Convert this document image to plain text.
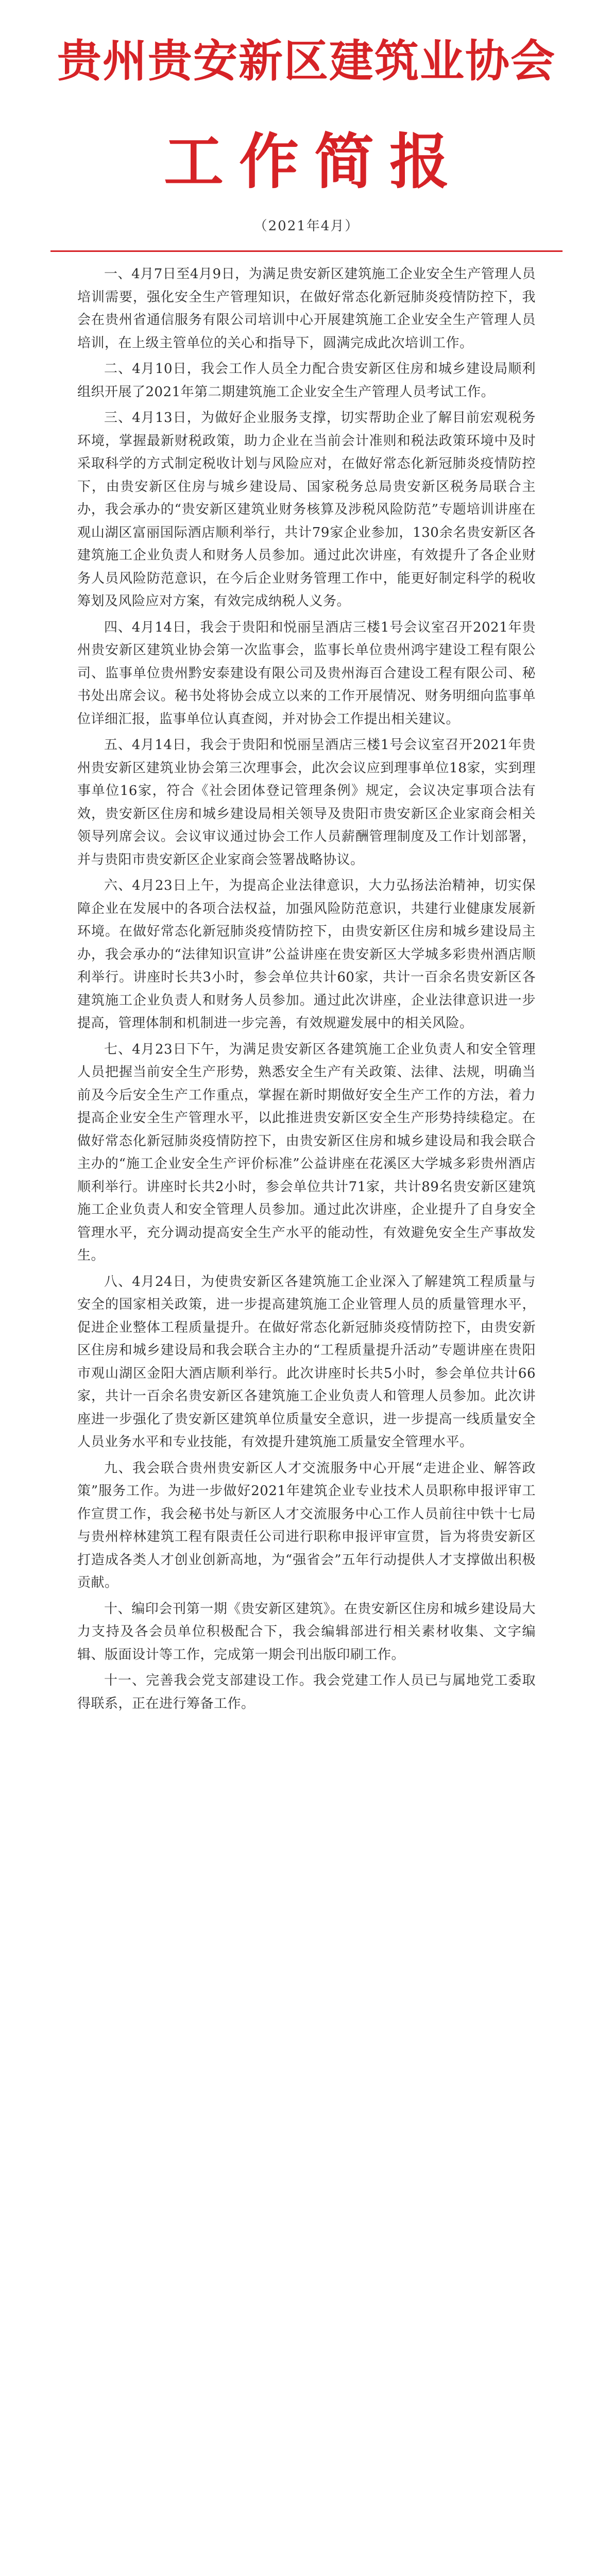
贵州贵安新区建筑业协会
工作简报
（2021年4月）

一、4月7日至4月9日，为满足贵安新区建筑施工企业安全生产管理人员培训需要，强化安全生产管理知识，在做好常态化新冠肺炎疫情防控下，我会在贵州省通信服务有限公司培训中心开展建筑施工企业安全生产管理人员培训，在上级主管单位的关心和指导下，圆满完成此次培训工作。

二、4月10日，我会工作人员全力配合贵安新区住房和城乡建设局顺利组织开展了2021年第二期建筑施工企业安全生产管理人员考试工作。

三、4月13日，为做好企业服务支撑，切实帮助企业了解目前宏观税务环境，掌握最新财税政策，助力企业在当前会计准则和税法政策环境中及时采取科学的方式制定税收计划与风险应对，在做好常态化新冠肺炎疫情防控下，由贵安新区住房与城乡建设局、国家税务总局贵安新区税务局联合主办，我会承办的“贵安新区建筑业财务核算及涉税风险防范”专题培训讲座在观山湖区富丽国际酒店顺利举行，共计79家企业参加，130余名贵安新区各建筑施工企业负责人和财务人员参加。通过此次讲座，有效提升了各企业财务人员风险防范意识，在今后企业财务管理工作中，能更好制定科学的税收筹划及风险应对方案，有效完成纳税人义务。

四、4月14日，我会于贵阳和悦丽呈酒店三楼1号会议室召开2021年贵州贵安新区建筑业协会第一次监事会，监事长单位贵州鸿宇建设工程有限公司、监事单位贵州黔安泰建设有限公司及贵州海百合建设工程有限公司、秘书处出席会议。秘书处将协会成立以来的工作开展情况、财务明细向监事单位详细汇报，监事单位认真查阅，并对协会工作提出相关建议。

五、4月14日，我会于贵阳和悦丽呈酒店三楼1号会议室召开2021年贵州贵安新区建筑业协会第三次理事会，此次会议应到理事单位18家，实到理事单位16家，符合《社会团体登记管理条例》规定，会议决定事项合法有效，贵安新区住房和城乡建设局相关领导及贵阳市贵安新区企业家商会相关领导列席会议。会议审议通过协会工作人员薪酬管理制度及工作计划部署，并与贵阳市贵安新区企业家商会签署战略协议。

六、4月23日上午，为提高企业法律意识，大力弘扬法治精神，切实保障企业在发展中的各项合法权益，加强风险防范意识，共建行业健康发展新环境。在做好常态化新冠肺炎疫情防控下，由贵安新区住房和城乡建设局主办，我会承办的“法律知识宣讲”公益讲座在贵安新区大学城多彩贵州酒店顺利举行。讲座时长共3小时，参会单位共计60家，共计一百余名贵安新区各建筑施工企业负责人和财务人员参加。通过此次讲座，企业法律意识进一步提高，管理体制和机制进一步完善，有效规避发展中的相关风险。

七、4月23日下午，为满足贵安新区各建筑施工企业负责人和安全管理人员把握当前安全生产形势，熟悉安全生产有关政策、法律、法规，明确当前及今后安全生产工作重点，掌握在新时期做好安全生产工作的方法，着力提高企业安全生产管理水平，以此推进贵安新区安全生产形势持续稳定。在做好常态化新冠肺炎疫情防控下，由贵安新区住房和城乡建设局和我会联合主办的“施工企业安全生产评价标准”公益讲座在花溪区大学城多彩贵州酒店顺利举行。讲座时长共2小时，参会单位共计71家，共计89名贵安新区建筑施工企业负责人和安全管理人员参加。通过此次讲座，企业提升了自身安全管理水平，充分调动提高安全生产水平的能动性，有效避免安全生产事故发生。

八、4月24日，为使贵安新区各建筑施工企业深入了解建筑工程质量与安全的国家相关政策，进一步提高建筑施工企业管理人员的质量管理水平，促进企业整体工程质量提升。在做好常态化新冠肺炎疫情防控下，由贵安新区住房和城乡建设局和我会联合主办的“工程质量提升活动”专题讲座在贵阳市观山湖区金阳大酒店顺利举行。此次讲座时长共5小时，参会单位共计66家，共计一百余名贵安新区各建筑施工企业负责人和管理人员参加。此次讲座进一步强化了贵安新区建筑单位质量安全意识，进一步提高一线质量安全人员业务水平和专业技能，有效提升建筑施工质量安全管理水平。

九、我会联合贵州贵安新区人才交流服务中心开展“走进企业、解答政策”服务工作。为进一步做好2021年建筑企业专业技术人员职称申报评审工作宣贯工作，我会秘书处与新区人才交流服务中心工作人员前往中铁十七局与贵州梓林建筑工程有限责任公司进行职称申报评审宣贯，旨为将贵安新区打造成各类人才创业创新高地，为“强省会”五年行动提供人才支撑做出积极贡献。

十、编印会刊第一期《贵安新区建筑》。在贵安新区住房和城乡建设局大力支持及各会员单位积极配合下，我会编辑部进行相关素材收集、文字编辑、版面设计等工作，完成第一期会刊出版印刷工作。

十一、完善我会党支部建设工作。我会党建工作人员已与属地党工委取得联系，正在进行筹备工作。
